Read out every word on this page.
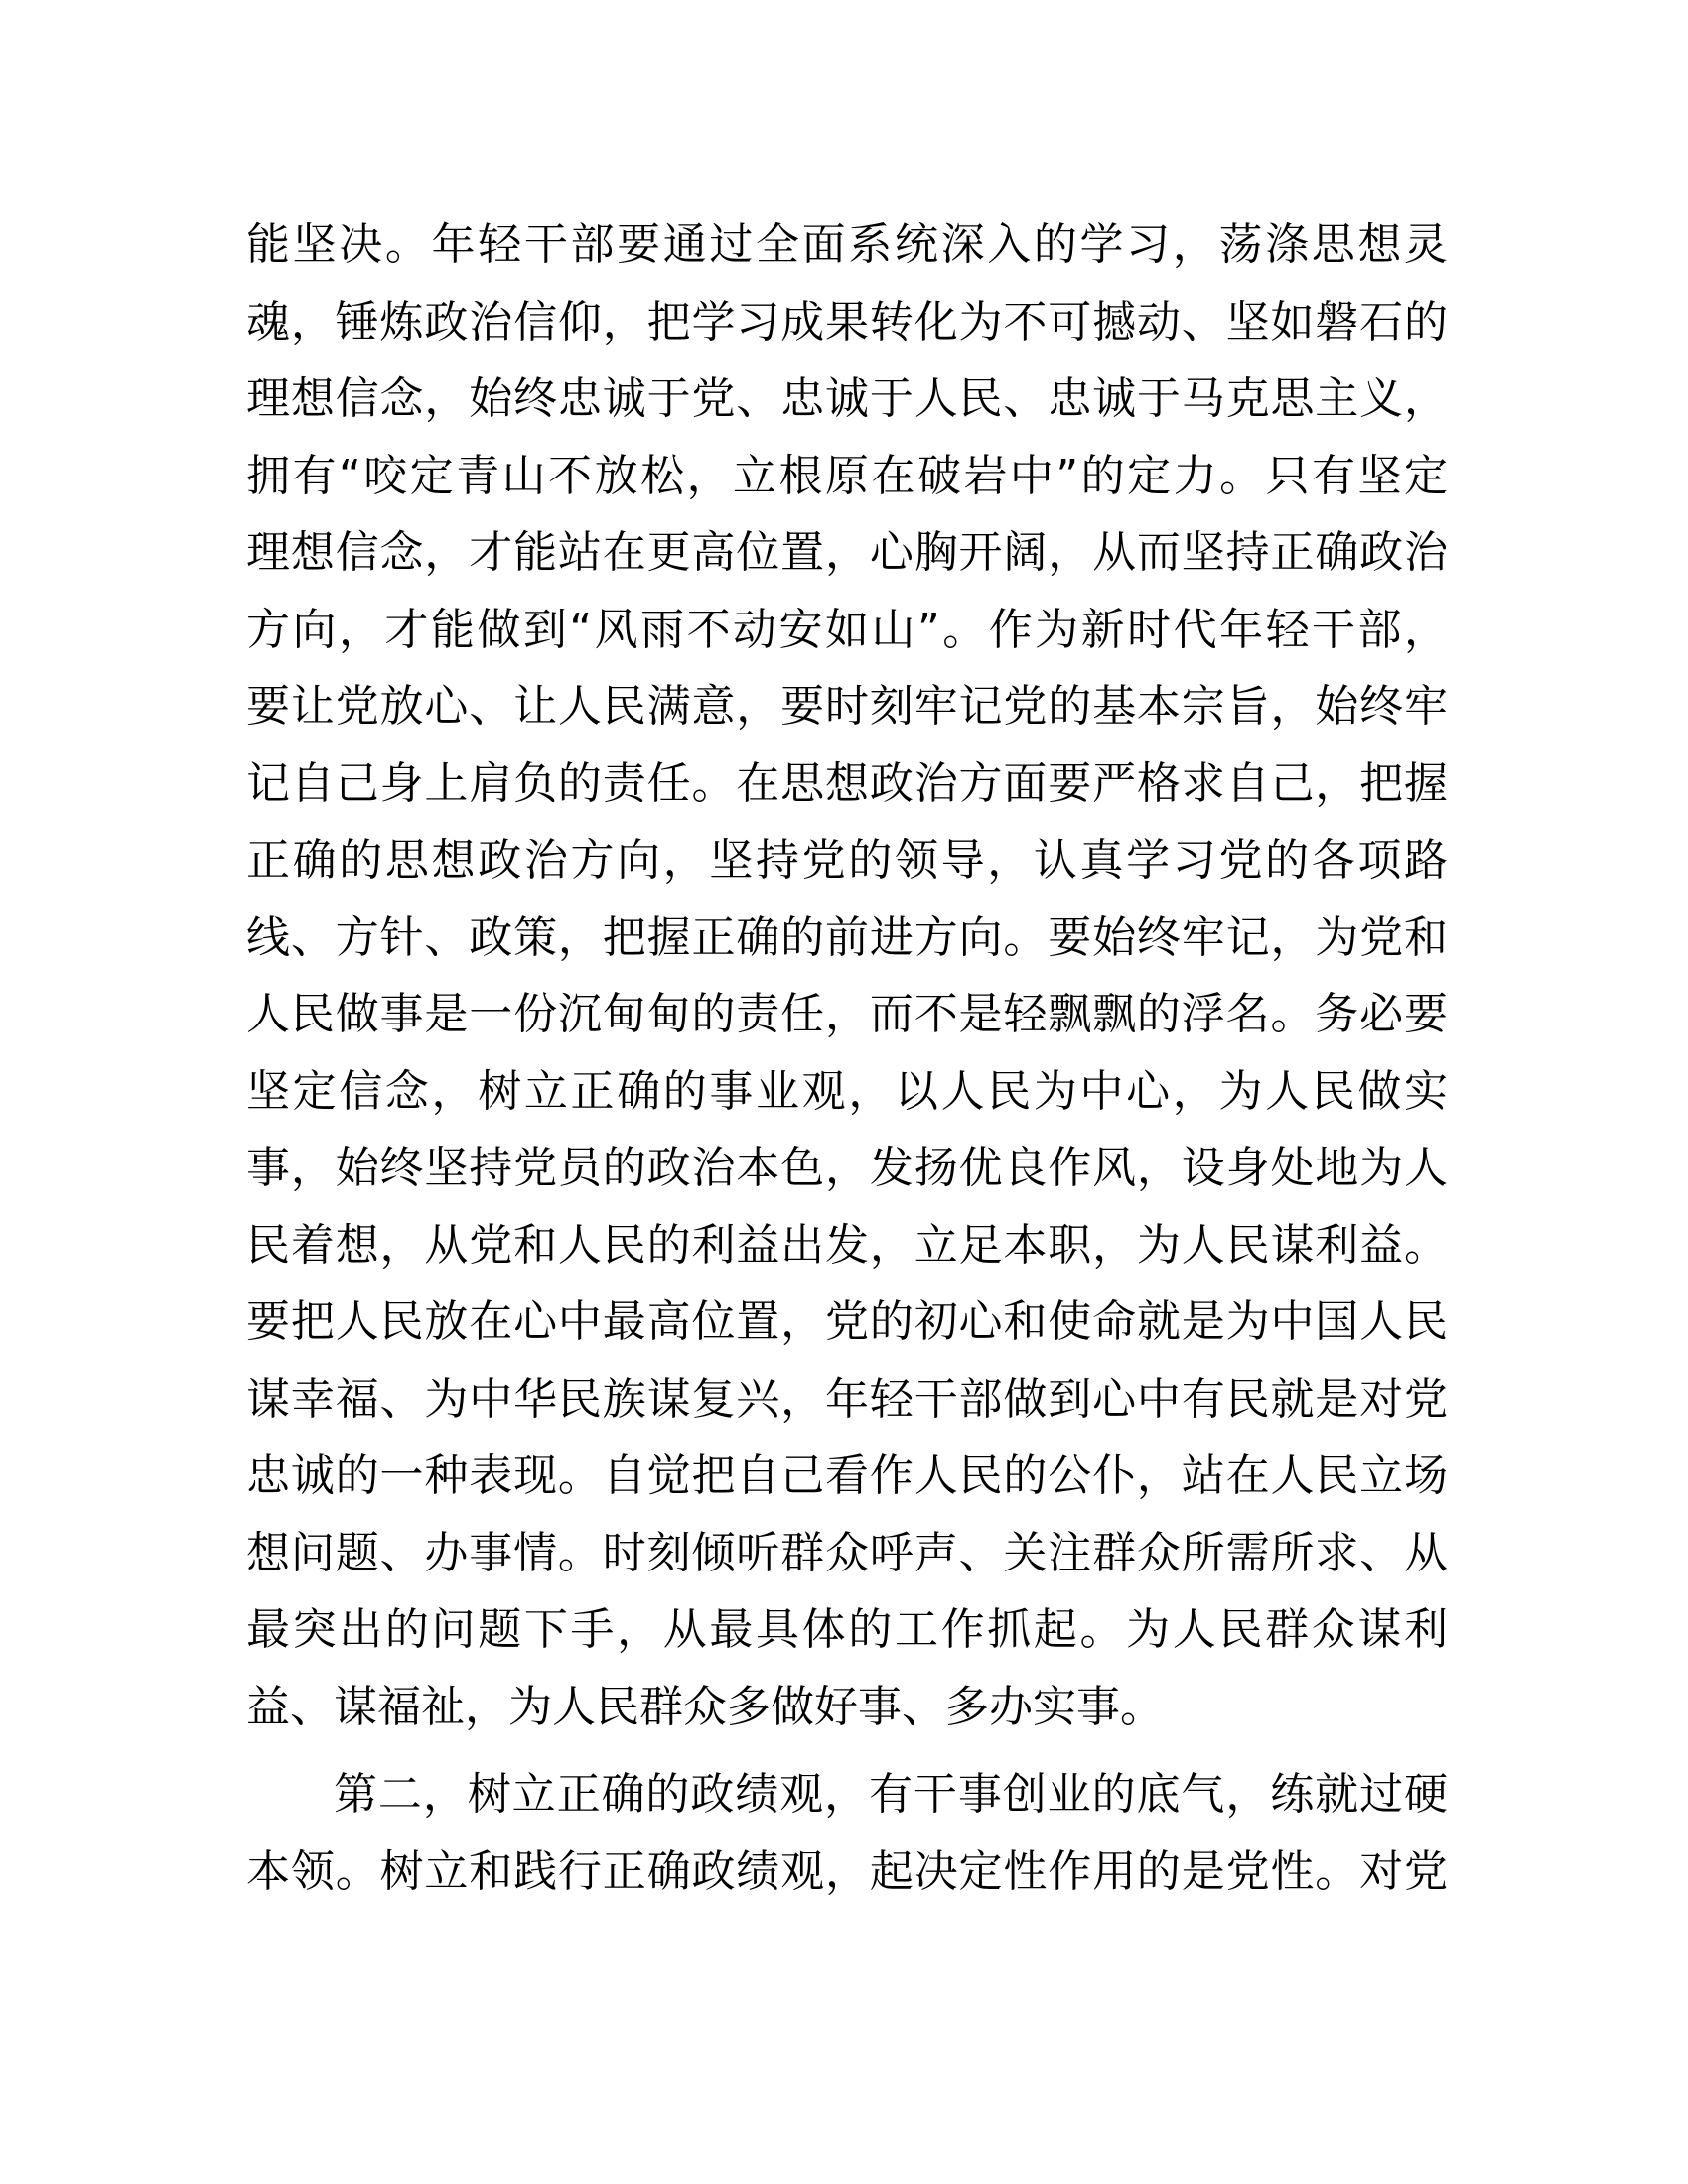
能坚决。年轻干部要通过全面系统深入的学习，荡涤思想灵
魂，锤炼政治信仰，把学习成果转化为不可撼动、坚如磐石的
理想信念，始终忠诚于党、忠诚于人民、忠诚于马克思主义，
拥有“咬定青山不放松，立根原在破岩中”的定力。只有坚定
理想信念，才能站在更高位置，心胸开阔，从而坚持正确政治
方向，才能做到“风雨不动安如山”。作为新时代年轻干部，
要让党放心、让人民满意，要时刻牢记党的基本宗旨，始终牢
记自己身上肩负的责任。在思想政治方面要严格求自己，把握
正确的思想政治方向，坚持党的领导，认真学习党的各项路
线、方针、政策，把握正确的前进方向。要始终牢记，为党和
人民做事是一份沉甸甸的责任，而不是轻飘飘的浮名。务必要
坚定信念，树立正确的事业观，以人民为中心，为人民做实
事，始终坚持党员的政治本色，发扬优良作风，设身处地为人
民着想，从党和人民的利益出发，立足本职，为人民谋利益。
要把人民放在心中最高位置，党的初心和使命就是为中国人民
谋幸福、为中华民族谋复兴，年轻干部做到心中有民就是对党
忠诚的一种表现。自觉把自己看作人民的公仆，站在人民立场
想问题、办事情。时刻倾听群众呼声、关注群众所需所求、从
最突出的问题下手，从最具体的工作抓起。为人民群众谋利
益、谋福祉，为人民群众多做好事、多办实事。
第二，树立正确的政绩观，有干事创业的底气，练就过硬
本领。树立和践行正确政绩观，起决定性作用的是党性。对党
